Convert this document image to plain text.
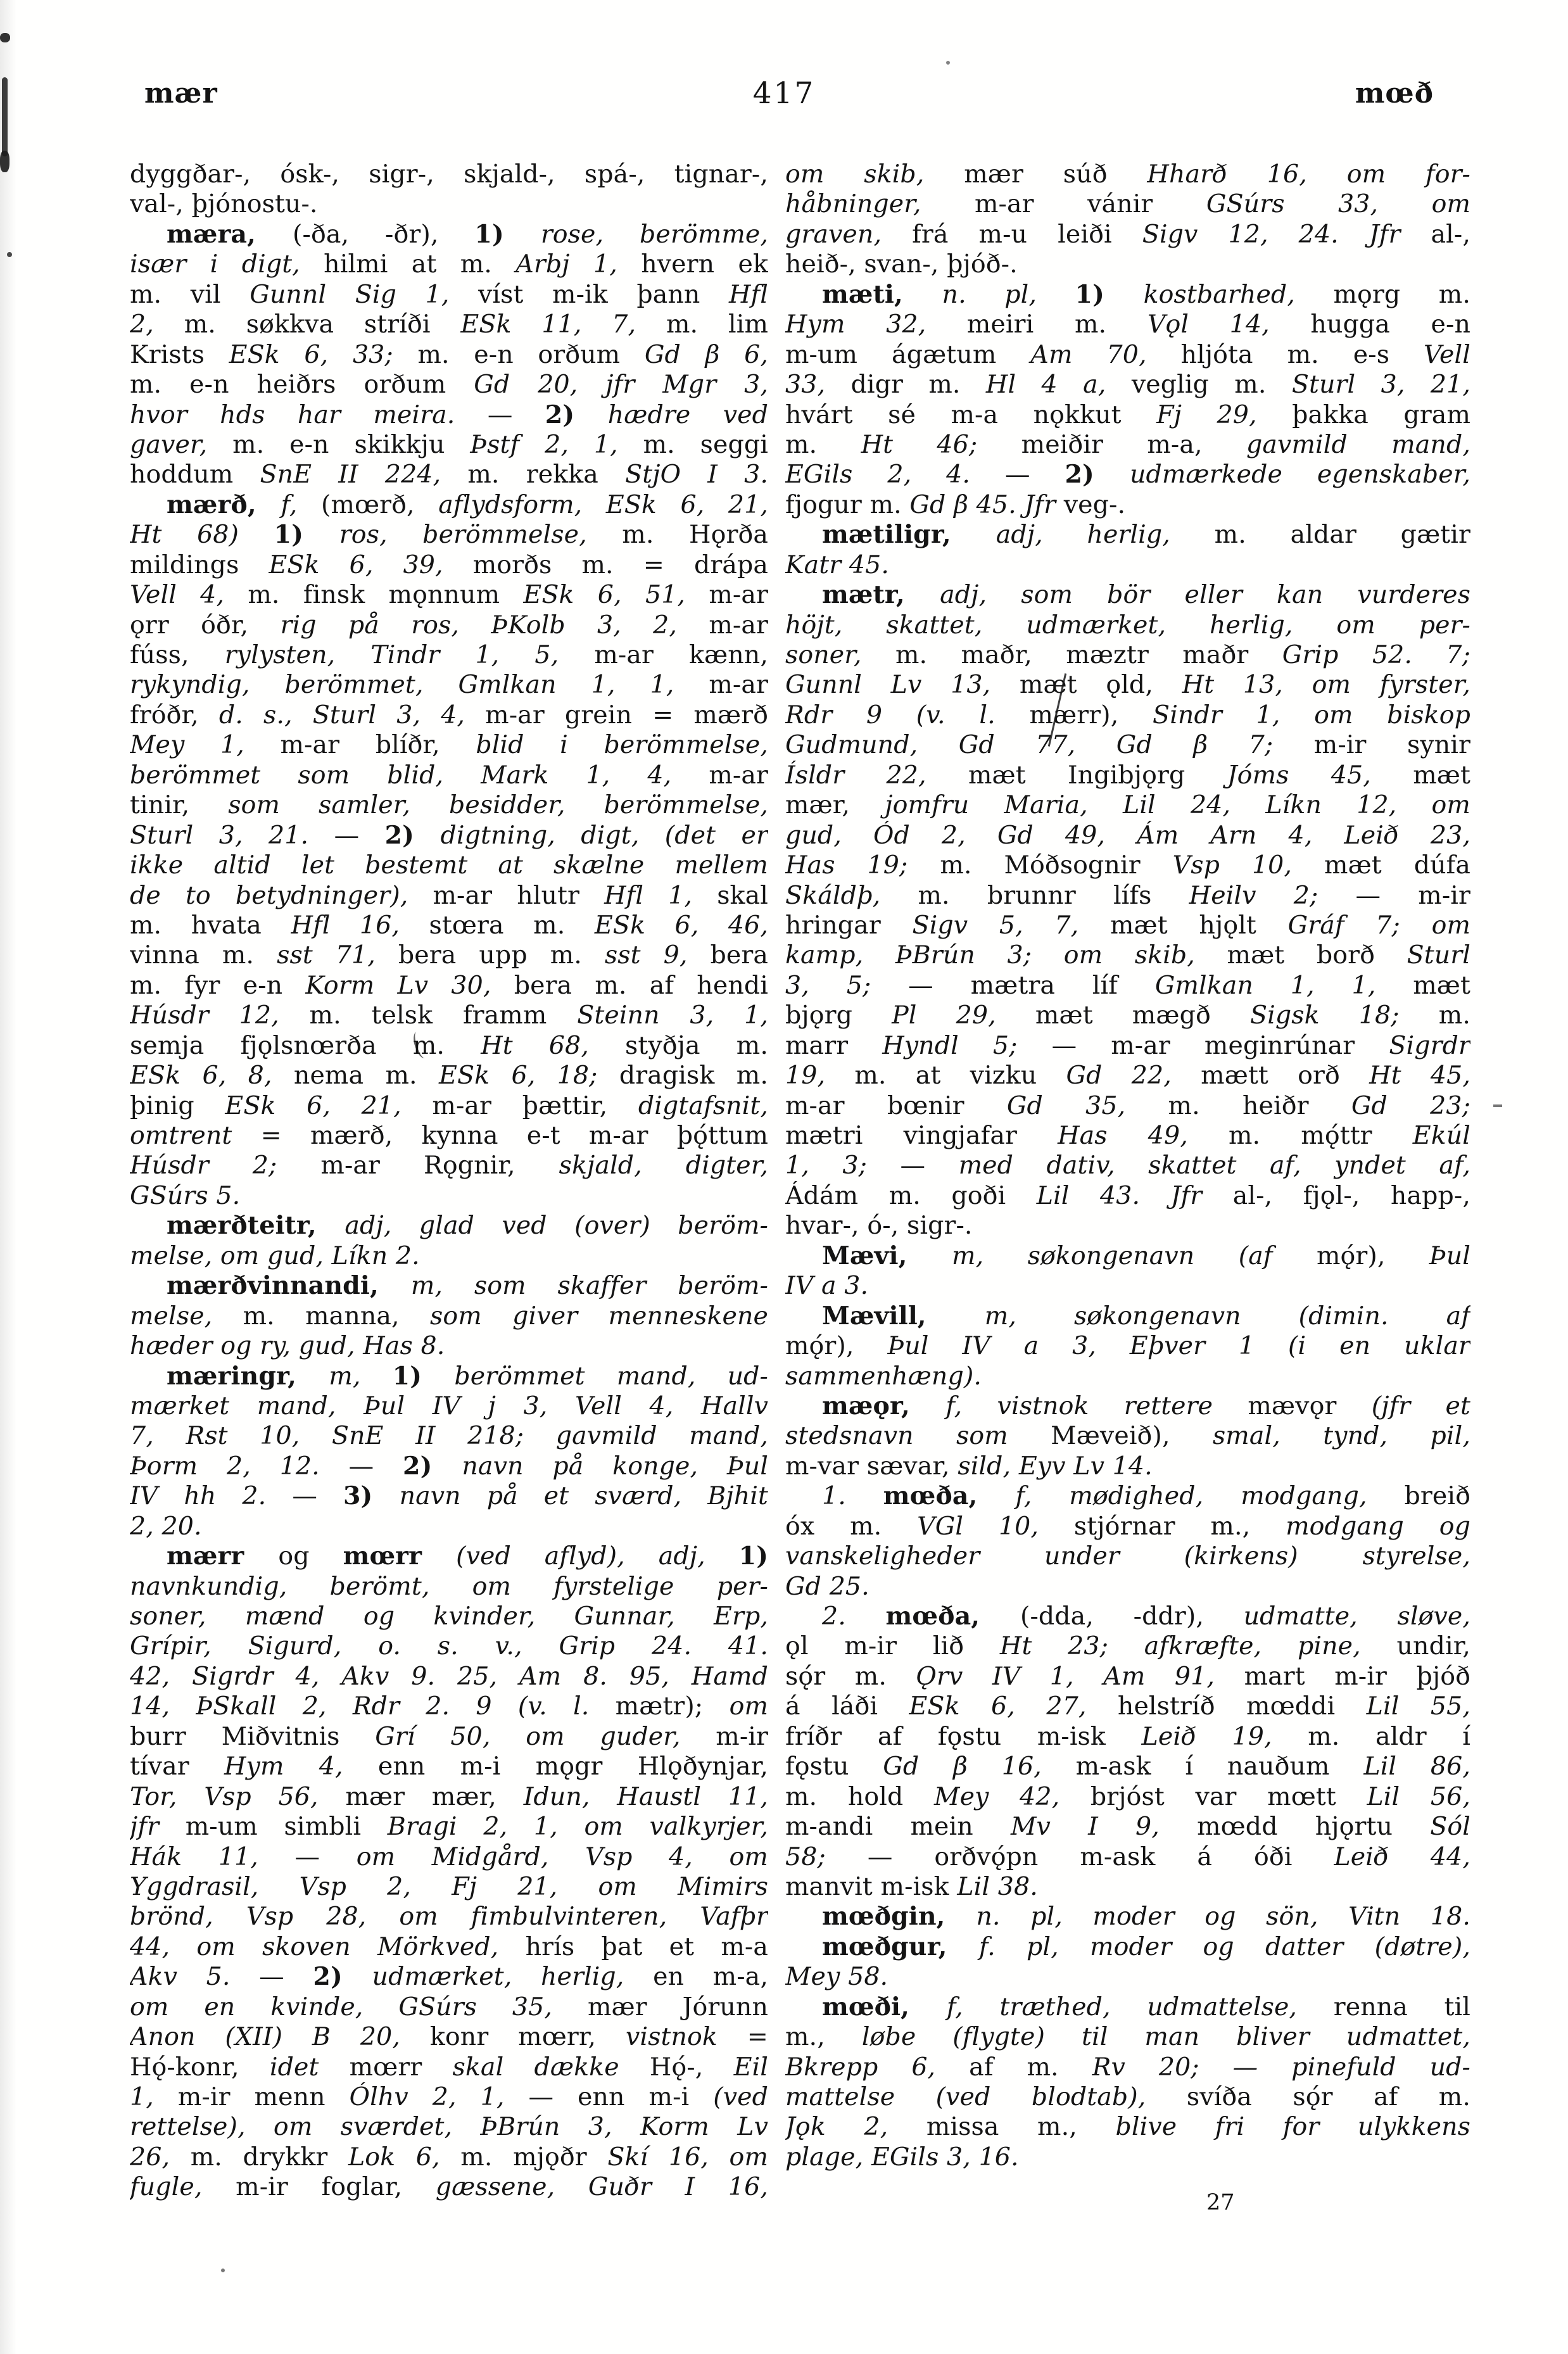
mær	417	mœð
dyggðar-, ósk-, sigr-, skjald-, spá-, tignar-,
val-, þjónostu-.
mæra, (-ða, -ðr), 1) rose, berömme,
især i digt, hilmi at m. Arbj 1, hvern ek
m. vil Gunnl Sig 1, víst m-ik þann Hfl
2, m. søkkva stríði ESk 11, 7, m. lim
Krists ESk 6, 33; m. e-n orðum Gd β 6,
m. e-n heiðrs orðum Gd 20, jfr Mgr 3,
hvor hds har meira. — 2) hædre ved
gaver, m. e-n skikkju Þstf 2, 1, m. seggi
hoddum SnE II 224, m. rekka StjO I 3.
mærð, f, (mœrð, aflydsform, ESk 6, 21,
Ht 68) 1) ros, berömmelse, m. Hǫrða
mildings ESk 6, 39, morðs m. = drápa
Vell 4, m. finsk mǫnnum ESk 6, 51, m-ar
ǫrr óðr, rig på ros, ÞKolb 3, 2, m-ar
fúss, rylysten, Tindr 1, 5, m-ar kænn,
rykyndig, berömmet, Gmlkan 1, 1, m-ar
fróðr, d. s., Sturl 3, 4, m-ar grein = mærð
Mey 1, m-ar blíðr, blid i berömmelse,
berömmet som blid, Mark 1, 4, m-ar
tinir, som samler, besidder, berömmelse,
Sturl 3, 21. — 2) digtning, digt, (det er
ikke altid let bestemt at skælne mellem
de to betydninger), m-ar hlutr Hfl 1, skal
m. hvata Hfl 16, stœra m. ESk 6, 46,
vinna m. sst 71, bera upp m. sst 9, bera
m. fyr e-n Korm Lv 30, bera m. af hendi
Húsdr 12, m. telsk framm Steinn 3, 1,
semja fjǫlsnœrða m. Ht 68, styðja m.
ESk 6, 8, nema m. ESk 6, 18; dragisk m.
þinig ESk 6, 21, m-ar þættir, digtafsnit,
omtrent = mærð, kynna e-t m-ar þǫ́ttum
Húsdr 2; m-ar Rǫgnir, skjald, digter,
GSúrs 5.
mærðteitr, adj, glad ved (over) beröm-
melse, om gud, Líkn 2.
mærðvinnandi, m, som skaffer beröm-
melse, m. manna, som giver menneskene
hæder og ry, gud, Has 8.
mæringr, m, 1) berömmet mand, ud-
mærket mand, Þul IV j 3, Vell 4, Hallv
7, Rst 10, SnE II 218; gavmild mand,
Þorm 2, 12. — 2) navn på konge, Þul
IV hh 2. — 3) navn på et sværd, Bjhit
2, 20.
mærr og mœrr (ved aflyd), adj, 1)
navnkundig, berömt, om fyrstelige per-
soner, mænd og kvinder, Gunnar, Erp,
Grípir, Sigurd, o. s. v., Grip 24. 41.
42, Sigrdr 4, Akv 9. 25, Am 8. 95, Hamd
14, ÞSkall 2, Rdr 2. 9 (v. l. mætr); om
burr Miðvitnis Grí 50, om guder, m-ir
tívar Hym 4, enn m-i mǫgr Hlǫðynjar,
Tor, Vsp 56, mær mær, Idun, Haustl 11,
jfr m-um simbli Bragi 2, 1, om valkyrjer,
Hák 11, — om Midgård, Vsp 4, om
Yggdrasil, Vsp 2, Fj 21, om Mimirs
brönd, Vsp 28, om fimbulvinteren, Vafþr
44, om skoven Mörkved, hrís þat et m-a
Akv 5. — 2) udmærket, herlig, en m-a,
om en kvinde, GSúrs 35, mær Jórunn
Anon (XII) B 20, konr mœrr, vistnok =
Hǫ́-konr, idet mœrr skal dække Hǫ́-, Eil
1, m-ir menn Ólhv 2, 1, — enn m-i (ved
rettelse), om sværdet, ÞBrún 3, Korm Lv
26, m. drykkr Lok 6, m. mjǫðr Skí 16, om
fugle, m-ir foglar, gæssene, Guðr I 16,
om skib, mær súð Hharð 16, om for-
håbninger, m-ar vánir GSúrs 33, om
graven, frá m-u leiði Sigv 12, 24. Jfr al-,
heið-, svan-, þjóð-.
mæti, n. pl, 1) kostbarhed, mǫrg m.
Hym 32, meiri m. Vǫl 14, hugga e-n
m-um ágætum Am 70, hljóta m. e-s Vell
33, digr m. Hl 4 a, veglig m. Sturl 3, 21,
hvárt sé m-a nǫkkut Fj 29, þakka gram
m. Ht 46; meiðir m-a, gavmild mand,
EGils 2, 4. — 2) udmærkede egenskaber,
fjogur m. Gd β 45. Jfr veg-.
mætiligr, adj, herlig, m. aldar gætir
Katr 45.
mætr, adj, som bör eller kan vurderes
höjt, skattet, udmærket, herlig, om per-
soner, m. maðr, mæztr maðr Grip 52. 7;
Gunnl Lv 13, mæt ǫld, Ht 13, om fyrster,
Rdr 9 (v. l. mærr), Sindr 1, om biskop
Gudmund, Gd 77, Gd β 7; m-ir synir
Ísldr 22, mæt Ingibjǫrg Jóms 45, mæt
mær, jomfru Maria, Lil 24, Líkn 12, om
gud, Ód 2, Gd 49, Ám Arn 4, Leið 23,
Has 19; m. Móðsognir Vsp 10, mæt dúfa
Skáldþ, m. brunnr lífs Heilv 2; — m-ir
hringar Sigv 5, 7, mæt hjǫlt Gráf 7; om
kamp, ÞBrún 3; om skib, mæt borð Sturl
3, 5; — mætra líf Gmlkan 1, 1, mæt
bjǫrg Pl 29, mæt mægð Sigsk 18; m.
marr Hyndl 5; — m-ar meginrúnar Sigrdr
19, m. at vizku Gd 22, mætt orð Ht 45,
m-ar bœnir Gd 35, m. heiðr Gd 23;
mætri vingjafar Has 49, m. mǫ́ttr Ekúl
1, 3; — med dativ, skattet af, yndet af,
Ádám m. goði Lil 43. Jfr al-, fjǫl-, happ-,
hvar-, ó-, sigr-.
Mævi, m, søkongenavn (af mǫ́r), Þul
IV a 3.
Mævill, m, søkongenavn (dimin. af
mǫ́r), Þul IV a 3, Eþver 1 (i en uklar
sammenhæng).
mæǫr, f, vistnok rettere mævǫr (jfr et
stedsnavn som Mæveið), smal, tynd, pil,
m-var sævar, sild, Eyv Lv 14.
1. mœða, f, mødighed, modgang, breið
óx m. VGl 10, stjórnar m., modgang og
vanskeligheder under (kirkens) styrelse,
Gd 25.
2. mœða, (-dda, -ddr), udmatte, sløve,
ǫl m-ir lið Ht 23; afkræfte, pine, undir,
sǫ́r m. Ǫrv IV 1, Am 91, mart m-ir þjóð
á láði ESk 6, 27, helstríð mœddi Lil 55,
fríðr af fǫstu m-isk Leið 19, m. aldr í
fǫstu Gd β 16, m-ask í nauðum Lil 86,
m. hold Mey 42, brjóst var mœtt Lil 56,
m-andi mein Mv I 9, mœdd hjǫrtu Sól
58; — orðvǫ́pn m-ask á óði Leið 44,
manvit m-isk Lil 38.
mœðgin, n. pl, moder og sön, Vitn 18.
mœðgur, f. pl, moder og datter (døtre),
Mey 58.
mœði, f, træthed, udmattelse, renna til
m., løbe (flygte) til man bliver udmattet,
Bkrepp 6, af m. Rv 20; — pinefuld ud-
mattelse (ved blodtab), svíða sǫ́r af m.
Jǫk 2, missa m., blive fri for ulykkens
plage, EGils 3, 16.
27
